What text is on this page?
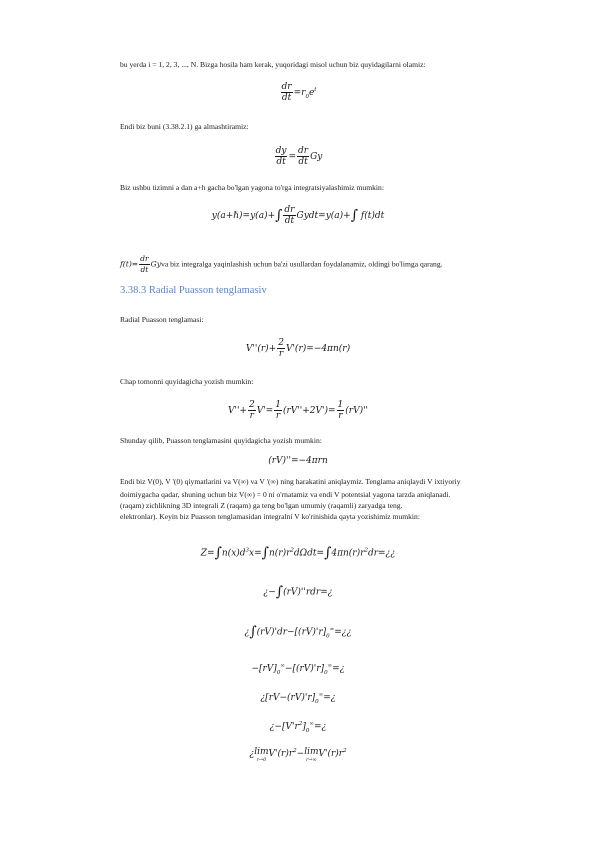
bu yerda i = 1, 2, 3, ..., N. Bizga hosila ham kerak, yuqoridagi misol uchun biz quyidagilarni olamiz:
$\frac{dr}{dt} =r_0e^t$
Endi biz buni (3.38.2.1) ga almashtiramiz:
$\frac{dy}{dt} = \frac{dr}{dt}$ Gy
Biz ushbu tizimni a dan a+h gacha bo'lgan yagona to'rga integratsiyalashimiz mumkin:
y(a+ℏ)=y(a)+∫ $\frac{dr}{dt}$ Gydt=y(a)+∫ f(t)dt
$f(t)= \frac{dr}{dt}$ Gyva biz integralga yaqinlashish uchun ba'zi usullardan foydalanamiz, oldingi bo'limga qarang.
3.38.3 Radial Puasson tenglamasiv
Radial Puasson tenglamasi:
$V''(r)+ \frac{2}{r} V'(r)=-4\pi n(r)$
Chap tomonni quyidagicha yozish mumkin:
$V''+ \frac{2}{r} V'= \frac{1}{r} (rV''+2V')= \frac{1}{r} (rV)''$
Shunday qilib, Puasson tenglamasini quyidagicha yozish mumkin:
(rV)''=−4πrn
Endi biz V(0), V '(0) qiymatlarini va V(∞) va V '(∞) ning harakatini aniqlaymiz. Tenglama aniqlaydi V ixtiyoriy
doimiygacha qadar, shuning uchun biz V(∞) = 0 ni o'rnatamiz va endi V potentsial yagona tarzda aniqlanadi.
(raqam) zichlikning 3D integrali Z (raqam) ga teng bo'lgan umumiy (raqamli) zaryadga teng.
elektronlar). Keyin biz Puasson tenglamasidan integralni V ko'rinishida qayta yozishimiz mumkin:
$Z=\int n(x)d^3x=\int n(r)r^2d\Omega dt=\int 4\pi n(r)r^2dr=¿¿$
¿−∫(rV)''rdr=¿
¿$\int(rV)'dr-[(rV)'r]_0^\infty=¿¿$
$-[rV]_0^\infty-[(rV)'r]_0^\infty=¿$
¿$[rV-(rV)'r]_0^\infty=¿$
¿$-[V'r^2]_0^\infty=¿$
¿lim
r→0
$V'(r)r^2-\lim$
r→∞
$V'(r)r^2$
